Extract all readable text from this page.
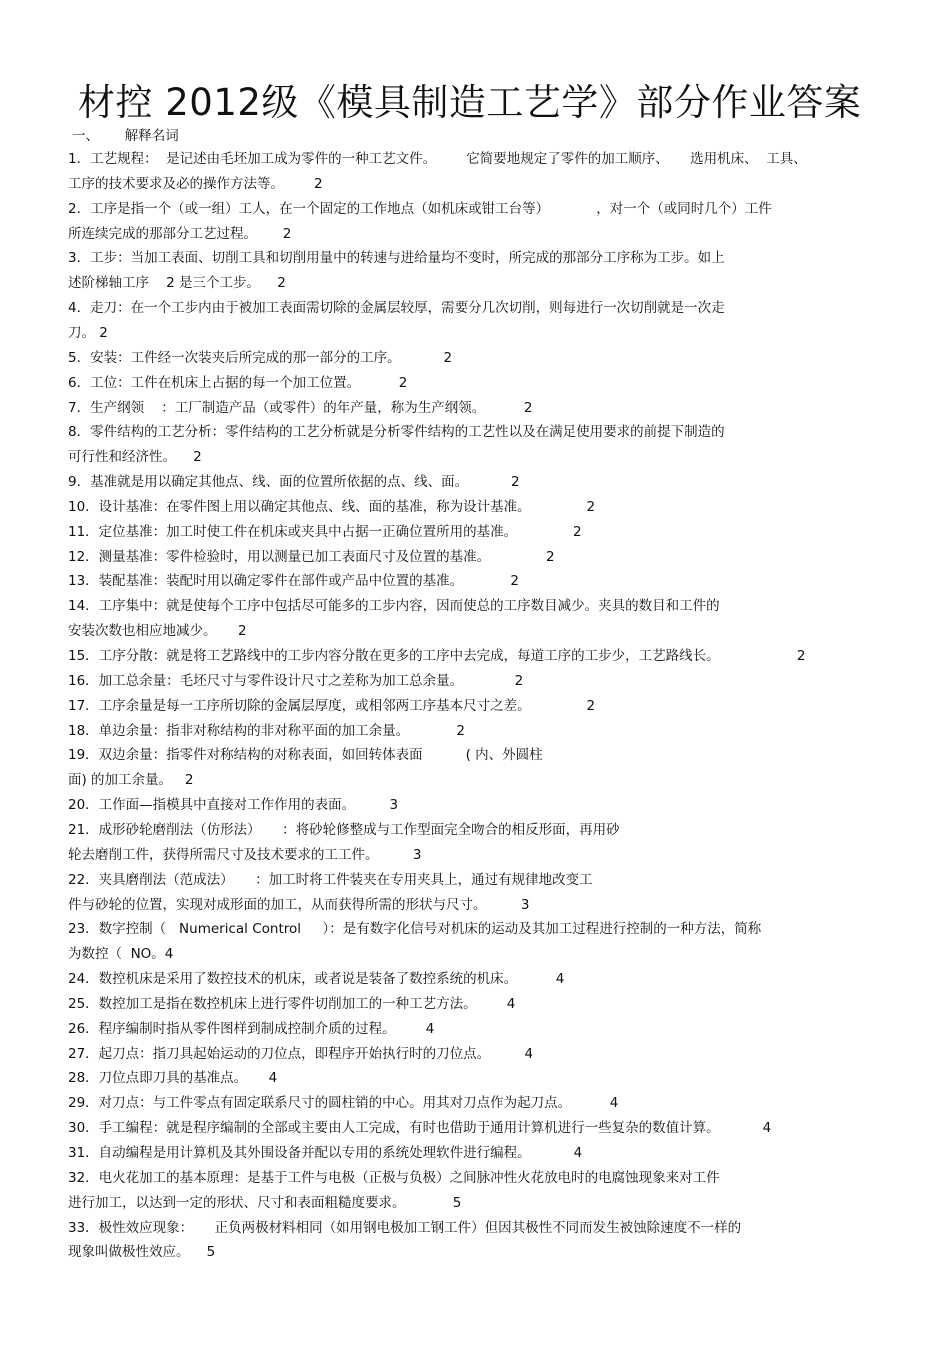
材控 2012级《模具制造工艺学》部分作业答案
一、      解释名词
1．工艺规程：  是记述由毛坯加工成为零件的一种工艺文件。       它简要地规定了零件的加工顺序、     选用机床、  工具、
工序的技术要求及必的操作方法等。       2
2．工序是指一个（或一组）工人，在一个固定的工作地点（如机床或钳工台等）           ，对一个（或同时几个）工件
所连续完成的那部分工艺过程。      2
3．工步：当加工表面、切削工具和切削用量中的转速与进给量均不变时，所完成的那部分工序称为工步。如上
述阶梯轴工序    2 是三个工步。    2
4．走刀：在一个工步内由于被加工表面需切除的金属层较厚，需要分几次切削，则每进行一次切削就是一次走
刀。 2
5．安装：工件经一次装夹后所完成的那一部分的工序。          2
6．工位：工件在机床上占据的每一个加工位置。         2
7．生产纲领    ：工厂制造产品（或零件）的年产量，称为生产纲领。         2
8．零件结构的工艺分析：零件结构的工艺分析就是分析零件结构的工艺性以及在满足使用要求的前提下制造的
可行性和经济性。    2
9．基准就是用以确定其他点、线、面的位置所依据的点、线、面。          2
10．设计基准：在零件图上用以确定其他点、线、面的基准，称为设计基准。             2
11．定位基准：加工时使工件在机床或夹具中占据一正确位置所用的基准。             2
12．测量基准：零件检验时，用以测量已加工表面尺寸及位置的基准。             2
13．装配基准：装配时用以确定零件在部件或产品中位置的基准。           2
14．工序集中：就是使每个工序中包括尽可能多的工步内容，因而使总的工序数目减少。夹具的数目和工件的
安装次数也相应地减少。     2
15．工序分散：就是将工艺路线中的工步内容分散在更多的工序中去完成，每道工序的工步少，工艺路线长。                  2
16．加工总余量：毛坯尺寸与零件设计尺寸之差称为加工总余量。            2
17．工序余量是每一工序所切除的金属层厚度，或相邻两工序基本尺寸之差。             2
18．单边余量：指非对称结构的非对称平面的加工余量。           2
19．双边余量：指零件对称结构的对称表面，如回转体表面          ( 内、外圆柱
面) 的加工余量。   2
20．工作面—指模具中直接对工作作用的表面。        3
21．成形砂轮磨削法（仿形法）     ：将砂轮修整成与工作型面完全吻合的相反形面，再用砂
轮去磨削工件，获得所需尺寸及技术要求的工工件。        3
22．夹具磨削法（范成法）     ：加工时将工件装夹在专用夹具上，通过有规律地改变工
件与砂轮的位置，实现对成形面的加工，从而获得所需的形状与尺寸。        3
23．数字控制（   Numerical Control     ）：是有数字化信号对机床的运动及其加工过程进行控制的一种方法，简称
为数控（  NO。4
24．数控机床是采用了数控技术的机床，或者说是装备了数控系统的机床。         4
25．数控加工是指在数控机床上进行零件切削加工的一种工艺方法。       4
26．程序编制时指从零件图样到制成控制介质的过程。       4
27．起刀点：指刀具起始运动的刀位点，即程序开始执行时的刀位点。        4
28．刀位点即刀具的基准点。     4
29．对刀点：与工件零点有固定联系尺寸的圆柱销的中心。用其对刀点作为起刀点。         4
30．手工编程：就是程序编制的全部或主要由人工完成，有时也借助于通用计算机进行一些复杂的数值计算。          4
31．自动编程是用计算机及其外围设备并配以专用的系统处理软件进行编程。          4
32．电火花加工的基本原理：是基于工件与电极（正极与负极）之间脉冲性火花放电时的电腐蚀现象来对工件
进行加工，以达到一定的形状、尺寸和表面粗糙度要求。           5
33．极性效应现象：     正负两极材料相同（如用钢电极加工钢工件）但因其极性不同而发生被蚀除速度不一样的
现象叫做极性效应。    5
